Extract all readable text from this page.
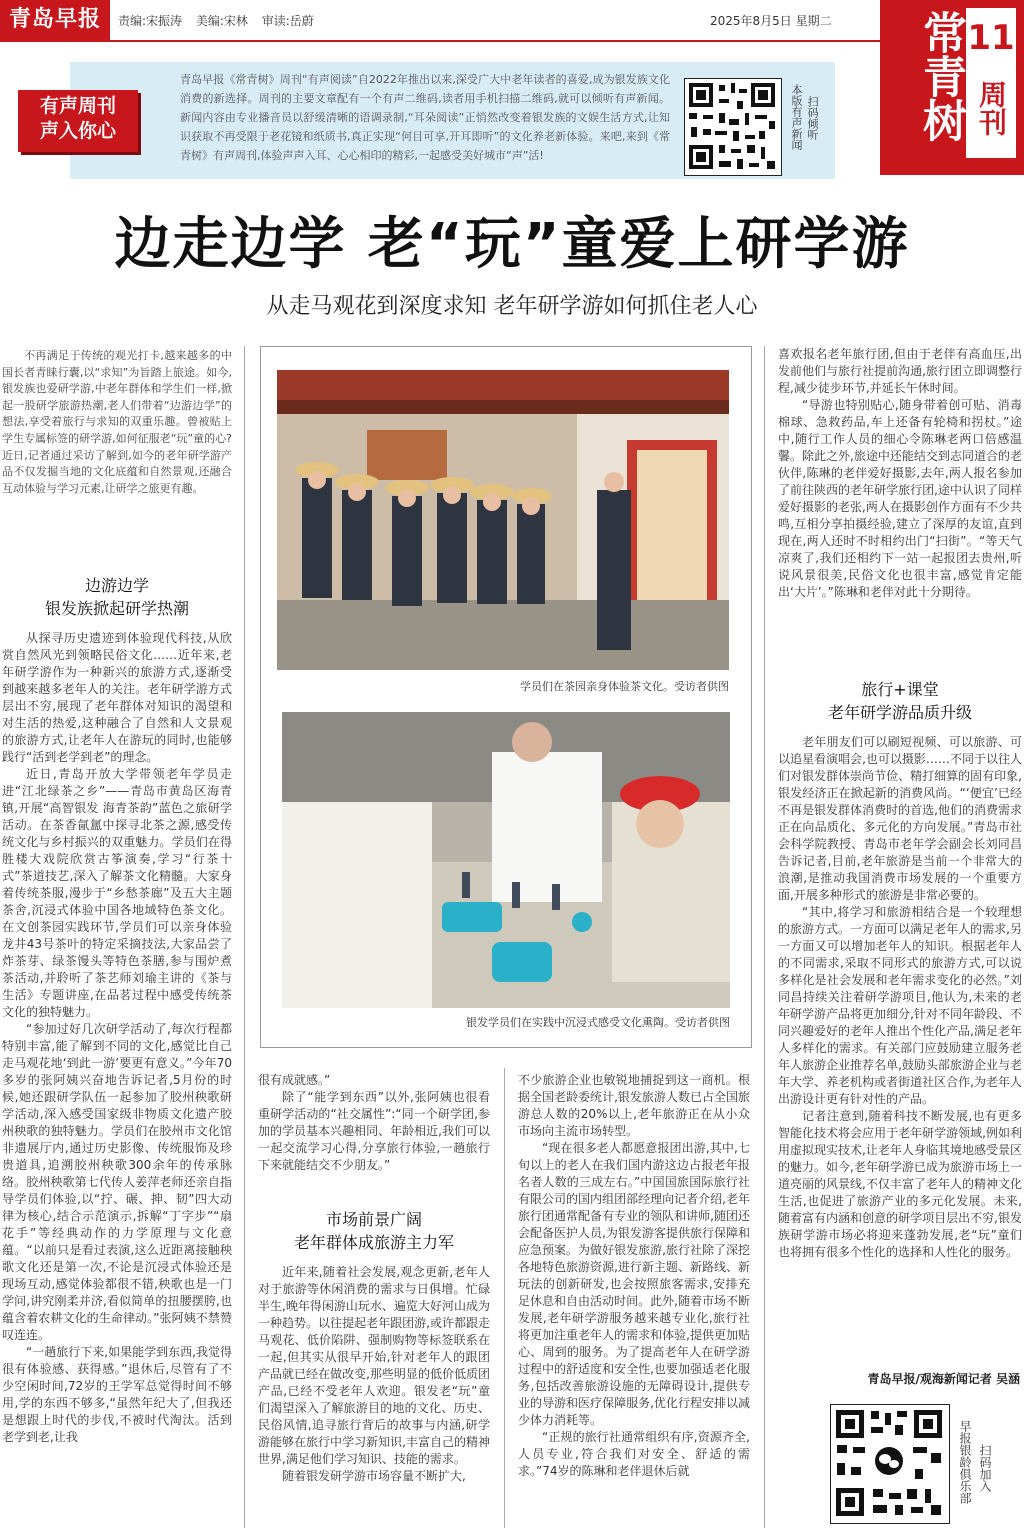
青岛早报	责编:宋振涛 美编:宋林 审读:岳蔚	2025年8月5日 星期二	常青树 11
周刊
有声周刊
声入你心
青岛早报《常青树》周刊“有声阅读”自2022年推出以来,深受广大中老年读者的喜爱,成为银发族文化消费的新选择。周刊的主要文章配有一个有声二维码,读者用手机扫描二维码,就可以倾听有声新闻。新闻内容由专业播音员以舒缓清晰的语调录制,“耳朵阅读”正悄然改变着银发族的文娱生活方式,让知识获取不再受限于老花镜和纸质书,真正实现“何目可享,开耳即听”的文化养老新体验。来吧,来到《常青树》有声周刊,体验声声入耳、心心相印的精彩,一起感受美好城市“声”活!
本版有声新闻 扫码倾听
边走边学 老“玩”童爱上研学游
从走马观花到深度求知 老年研学游如何抓住老人心

不再满足于传统的观光打卡,越来越多的中国长者青睐行囊,以“求知”为旨踏上旅途。如今,银发族也爱研学游,中老年群体和学生们一样,掀起一股研学旅游热潮,老人们带着“边游边学”的想法,享受着旅行与求知的双重乐趣。曾被贴上学生专属标签的研学游,如何征服老“玩”童的心?近日,记者通过采访了解到,如今的老年研学游产品不仅发掘当地的文化底蕴和自然景观,还融合互动体验与学习元素,让研学之旅更有趣。

边游边学
银发族掀起研学热潮

从探寻历史遗迹到体验现代科技,从欣赏自然风光到领略民俗文化……近年来,老年研学游作为一种新兴的旅游方式,逐渐受到越来越多老年人的关注。老年研学游方式层出不穷,展现了老年群体对知识的渴望和对生活的热爱,这种融合了自然和人文景观的旅游方式,让老年人在游玩的同时,也能够践行“活到老学到老”的理念。

近日,青岛开放大学带领老年学员走进“江北绿茶之乡”——青岛市黄岛区海青镇,开展“高智银发 海青茶韵”蓝色之旅研学活动。在茶香氤氲中探寻北茶之源,感受传统文化与乡村振兴的双重魅力。学员们在得胜楼大戏院欣赏古筝演奏,学习“行茶十式”茶道技艺,深入了解茶文化精髓。大家身着传统茶服,漫步于“乡愁茶廊”及五大主题茶舍,沉浸式体验中国各地域特色茶文化。在文创茶园实践环节,学员们可以亲身体验龙井43号茶叶的特定采摘技法,大家品尝了炸茶芽、绿茶馒头等特色茶膳,参与围炉煮茶活动,并聆听了茶艺师刘瑜主讲的《茶与生活》专题讲座,在品茗过程中感受传统茶文化的独特魅力。

“参加过好几次研学活动了,每次行程都特别丰富,能了解到不同的文化,感觉比自己走马观花地‘到此一游’要更有意义。”今年70多岁的张阿姨兴奋地告诉记者,5月份的时候,她还跟研学队伍一起参加了胶州秧歌研学活动,深入感受国家级非物质文化遗产胶州秧歌的独特魅力。学员们在胶州市文化馆非遗展厅内,通过历史影像、传统服饰及珍贵道具,追溯胶州秧歌300余年的传承脉络。胶州秧歌第七代传人姜萍老师还亲自指导学员们体验,以“拧、碾、抻、韧”四大动律为核心,结合示范演示,拆解“丁字步”“扇花手”等经典动作的力学原理与文化意蕴。“以前只是看过表演,这么近距离接触秧歌文化还是第一次,不论是沉浸式体验还是现场互动,感觉体验都很不错,秧歌也是一门学问,讲究刚柔并济,看似简单的扭腰摆胯,也蕴含着农耕文化的生命律动。”张阿姨不禁赞叹连连。

“一趟旅行下来,如果能学到东西,我觉得很有体验感、获得感。”退休后,尽管有了不少空闲时间,72岁的王学军总觉得时间不够用,学的东西不够多,“虽然年纪大了,但我还是想跟上时代的步伐,不被时代淘汰。活到老学到老,让我

学员们在茶园亲身体验茶文化。受访者供图
银发学员们在实践中沉浸式感受文化熏陶。受访者供图
很有成就感。”

除了“能学到东西”以外,张阿姨也很看重研学活动的“社交属性”:“同一个研学团,参加的学员基本兴趣相同、年龄相近,我们可以一起交流学习心得,分享旅行体验,一趟旅行下来就能结交不少朋友。”

市场前景广阔
老年群体成旅游主力军

近年来,随着社会发展,观念更新,老年人对于旅游等休闲消费的需求与日俱增。忙碌半生,晚年得闲游山玩水、遍览大好河山成为一种趋势。以往提起老年跟团游,或许都跟走马观花、低价陷阱、强制购物等标签联系在一起,但其实从很早开始,针对老年人的跟团产品就已经在做改变,那些明显的低价低质团产品,已经不受老年人欢迎。银发老“玩”童们渴望深入了解旅游目的地的文化、历史、民俗风情,追寻旅行背后的故事与内涵,研学游能够在旅行中学习新知识,丰富自己的精神世界,满足他们学习知识、技能的需求。

随着银发研学游市场容量不断扩大,

不少旅游企业也敏锐地捕捉到这一商机。根据全国老龄委统计,银发旅游人数已占全国旅游总人数的20%以上,老年旅游正在从小众市场向主流市场转型。

“现在很多老人都愿意报团出游,其中,七旬以上的老人在我们国内游这边占报老年报名者人数的三成左右。”中国国旅国际旅行社有限公司的国内组团部经理向记者介绍,老年旅行团通常配备有专业的领队和讲师,随团还会配备医护人员,为银发游客提供旅行保障和应急预案。为做好银发旅游,旅行社除了深挖各地特色旅游资源,进行新主题、新路线、新玩法的创新研发,也会按照旅客需求,安排充足休息和自由活动时间。此外,随着市场不断发展,老年研学游服务越来越专业化,旅行社将更加注重老年人的需求和体验,提供更加贴心、周到的服务。为了提高老年人在研学游过程中的舒适度和安全性,也要加强适老化服务,包括改善旅游设施的无障碍设计,提供专业的导游和医疗保障服务,优化行程安排以减少体力消耗等。

“正规的旅行社通常组织有序,资源齐全,人员专业,符合我们对安全、舒适的需求。”74岁的陈琳和老伴退休后就

喜欢报名老年旅行团,但由于老伴有高血压,出发前他们与旅行社提前沟通,旅行团立即调整行程,减少徒步环节,并延长午休时间。

“导游也特别贴心,随身带着创可贴、消毒棉球、急救药品,车上还备有轮椅和拐杖。”途中,随行工作人员的细心令陈琳老两口倍感温馨。除此之外,旅途中还能结交到志同道合的老伙伴,陈琳的老伴爱好摄影,去年,两人报名参加了前往陕西的老年研学旅行团,途中认识了同样爱好摄影的老张,两人在摄影创作方面有不少共鸣,互相分享拍摄经验,建立了深厚的友谊,直到现在,两人还时不时相约出门“扫街”。“等天气凉爽了,我们还相约下一站一起报团去贵州,听说风景很美,民俗文化也很丰富,感觉肯定能出‘大片’。”陈琳和老伴对此十分期待。

旅行+课堂
老年研学游品质升级

老年朋友们可以刷短视频、可以旅游、可以追星看演唱会,也可以摄影……不同于以往人们对银发群体崇尚节俭、精打细算的固有印象,银发经济正在掀起新的消费风尚。“‘便宜’已经不再是银发群体消费时的首选,他们的消费需求正在向品质化、多元化的方向发展。”青岛市社会科学院教授、青岛市老年学会副会长刘同昌告诉记者,目前,老年旅游是当前一个非常大的浪潮,是推动我国消费市场发展的一个重要方面,开展多种形式的旅游是非常必要的。

“其中,将学习和旅游相结合是一个较理想的旅游方式。一方面可以满足老年人的需求,另一方面又可以增加老年人的知识。根据老年人的不同需求,采取不同形式的旅游方式,可以说多样化是社会发展和老年需求变化的必然。”刘同昌持续关注着研学游项目,他认为,未来的老年研学游产品将更加细分,针对不同年龄段、不同兴趣爱好的老年人推出个性化产品,满足老年人多样化的需求。有关部门应鼓励建立服务老年人旅游企业推荐名单,鼓励头部旅游企业与老年大学、养老机构或者街道社区合作,为老年人出游设计更有针对性的产品。

记者注意到,随着科技不断发展,也有更多智能化技术将会应用于老年研学游领域,例如利用虚拟现实技术,让老年人身临其境地感受景区的魅力。如今,老年研学游已成为旅游市场上一道亮丽的风景线,不仅丰富了老年人的精神文化生活,也促进了旅游产业的多元化发展。未来,随着富有内涵和创意的研学项目层出不穷,银发族研学游市场必将迎来蓬勃发展,老“玩”童们也将拥有很多个性化的选择和人性化的服务。

青岛早报/观海新闻记者 吴涵
早报银龄俱乐部 扫码加入
